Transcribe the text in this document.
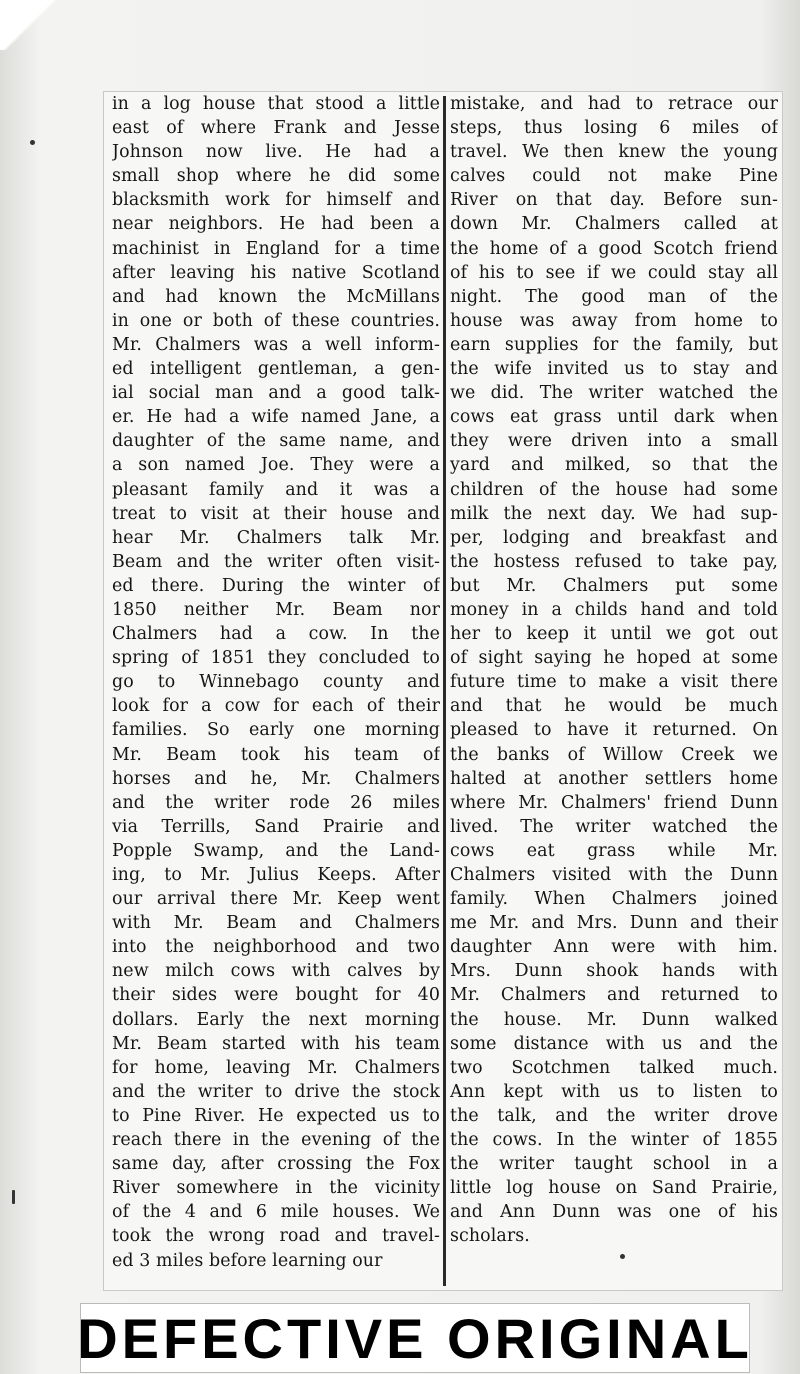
in a log house that stood a little
east of where Frank and Jesse
Johnson now live. He had a
small shop where he did some
blacksmith work for himself and
near neighbors. He had been a
machinist in England for a time
after leaving his native Scotland
and had known the McMillans
in one or both of these countries.
Mr. Chalmers was a well inform-
ed intelligent gentleman, a gen-
ial social man and a good talk-
er. He had a wife named Jane, a
daughter of the same name, and
a son named Joe. They were a
pleasant family and it was a
treat to visit at their house and
hear Mr. Chalmers talk Mr.
Beam and the writer often visit-
ed there. During the winter of
1850 neither Mr. Beam nor
Chalmers had a cow. In the
spring of 1851 they concluded to
go to Winnebago county and
look for a cow for each of their
families. So early one morning
Mr. Beam took his team of
horses and he, Mr. Chalmers
and the writer rode 26 miles
via Terrills, Sand Prairie and
Popple Swamp, and the Land-
ing, to Mr. Julius Keeps. After
our arrival there Mr. Keep went
with Mr. Beam and Chalmers
into the neighborhood and two
new milch cows with calves by
their sides were bought for 40
dollars. Early the next morning
Mr. Beam started with his team
for home, leaving Mr. Chalmers
and the writer to drive the stock
to Pine River. He expected us to
reach there in the evening of the
same day, after crossing the Fox
River somewhere in the vicinity
of the 4 and 6 mile houses. We
took the wrong road and travel-
ed 3 miles before learning our
mistake, and had to retrace our
steps, thus losing 6 miles of
travel. We then knew the young
calves could not make Pine
River on that day. Before sun-
down Mr. Chalmers called at
the home of a good Scotch friend
of his to see if we could stay all
night. The good man of the
house was away from home to
earn supplies for the family, but
the wife invited us to stay and
we did. The writer watched the
cows eat grass until dark when
they were driven into a small
yard and milked, so that the
children of the house had some
milk the next day. We had sup-
per, lodging and breakfast and
the hostess refused to take pay,
but Mr. Chalmers put some
money in a childs hand and told
her to keep it until we got out
of sight saying he hoped at some
future time to make a visit there
and that he would be much
pleased to have it returned. On
the banks of Willow Creek we
halted at another settlers home
where Mr. Chalmers' friend Dunn
lived. The writer watched the
cows eat grass while Mr.
Chalmers visited with the Dunn
family. When Chalmers joined
me Mr. and Mrs. Dunn and their
daughter Ann were with him.
Mrs. Dunn shook hands with
Mr. Chalmers and returned to
the house. Mr. Dunn walked
some distance with us and the
two Scotchmen talked much.
Ann kept with us to listen to
the talk, and the writer drove
the cows. In the winter of 1855
the writer taught school in a
little log house on Sand Prairie,
and Ann Dunn was one of his
scholars.
DEFECTIVE ORIGINAL
